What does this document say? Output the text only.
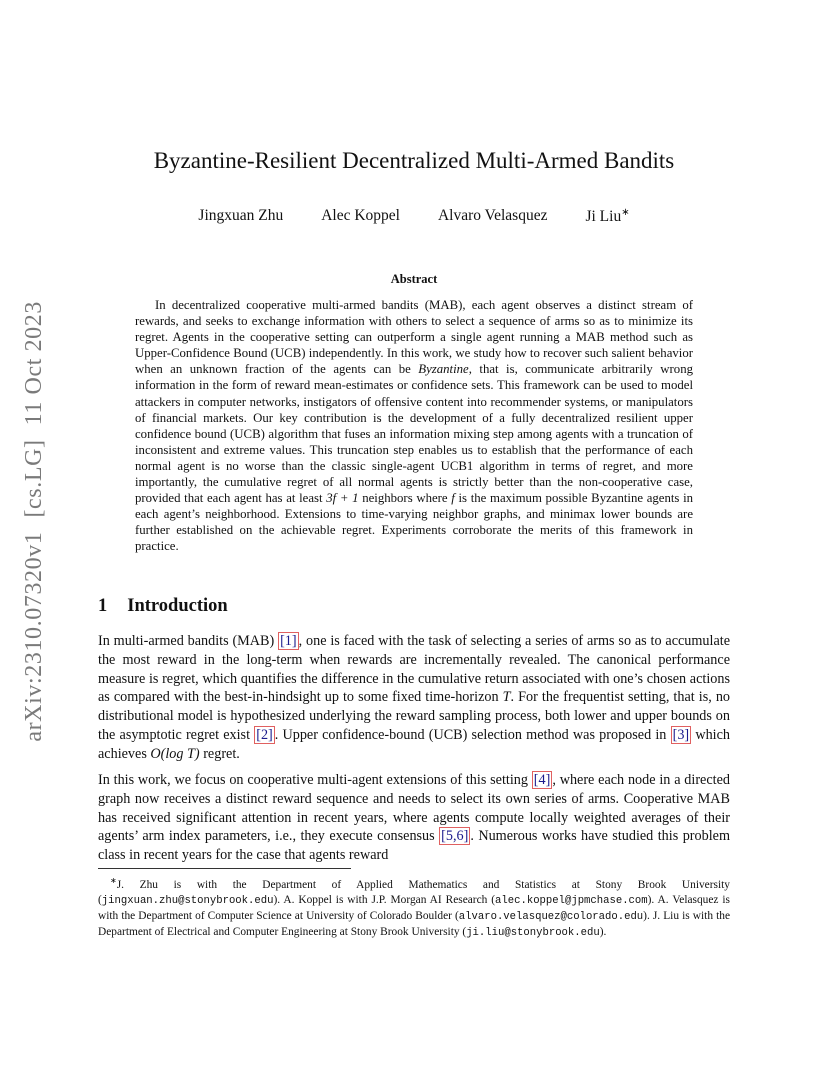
arXiv:2310.07320v1[cs.LG]11 Oct 2023
Byzantine-Resilient Decentralized Multi-Armed Bandits
Jingxuan Zhu Alec Koppel Alvaro Velasquez Ji Liu∗
Abstract

In decentralized cooperative multi-armed bandits (MAB), each agent observes a distinct stream of rewards, and seeks to exchange information with others to select a sequence of arms so as to minimize its regret. Agents in the cooperative setting can outperform a single agent running a MAB method such as Upper-Confidence Bound (UCB) independently. In this work, we study how to recover such salient behavior when an unknown fraction of the agents can be Byzantine, that is, communicate arbitrarily wrong information in the form of reward mean-estimates or confidence sets. This framework can be used to model attackers in computer networks, instigators of offensive content into recommender systems, or manipulators of financial markets. Our key contribution is the development of a fully decentralized resilient upper confidence bound (UCB) algorithm that fuses an information mixing step among agents with a truncation of inconsistent and extreme values. This truncation step enables us to establish that the performance of each normal agent is no worse than the classic single-agent UCB1 algorithm in terms of regret, and more importantly, the cumulative regret of all normal agents is strictly better than the non-cooperative case, provided that each agent has at least 3f + 1 neighbors where f is the maximum possible Byzantine agents in each agent’s neighborhood. Extensions to time-varying neighbor graphs, and minimax lower bounds are further established on the achievable regret. Experiments corroborate the merits of this framework in practice.

1 Introduction

In multi-armed bandits (MAB) [1] , one is faced with the task of selecting a series of arms so as to accumulate the most reward in the long-term when rewards are incrementally revealed. The canonical performance measure is regret, which quantifies the difference in the cumulative return associated with one’s chosen actions as compared with the best-in-hindsight up to some fixed time-horizon T. For the frequentist setting, that is, no distributional model is hypothesized underlying the reward sampling process, both lower and upper bounds on the asymptotic regret exist [2] . Upper confidence-bound (UCB) selection method was proposed in [3] which achieves O(log T) regret.

In this work, we focus on cooperative multi-agent extensions of this setting [4] , where each node in a directed graph now receives a distinct reward sequence and needs to select its own series of arms. Cooperative MAB has received significant attention in recent years, where agents compute locally weighted averages of their agents’ arm index parameters, i.e., they execute consensus [5,6] . Numerous works have studied this problem class in recent years for the case that agents reward

∗J. Zhu is with the Department of Applied Mathematics and Statistics at Stony Brook University (jingxuan.zhu@stonybrook.edu). A. Koppel is with J.P. Morgan AI Research (alec.koppel@jpmchase.com). A. Velasquez is with the Department of Computer Science at University of Colorado Boulder (alvaro.velasquez@colorado.edu). J. Liu is with the Department of Electrical and Computer Engineering at Stony Brook University (ji.liu@stonybrook.edu).
